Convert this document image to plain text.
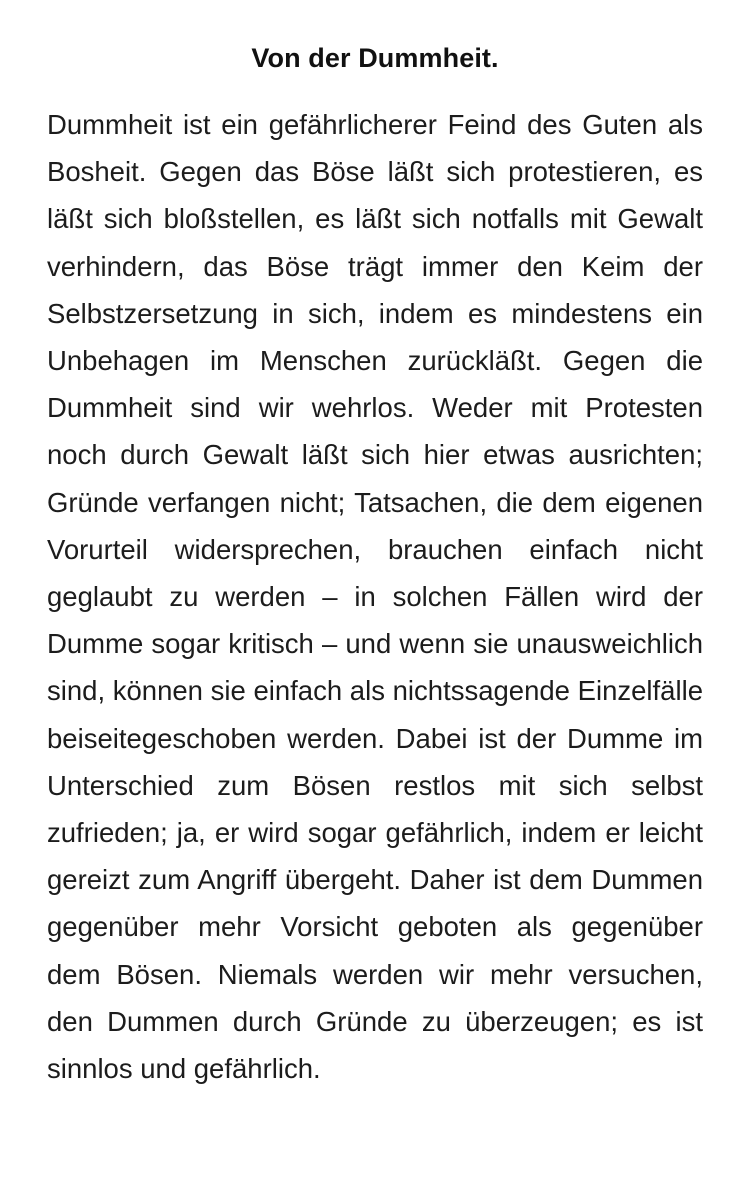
Von der Dummheit.

Dummheit ist ein gefährlicherer Feind des Guten als Bosheit. Gegen das Böse läßt sich protestieren, es läßt sich bloßstellen, es läßt sich notfalls mit Gewalt verhindern, das Böse trägt immer den Keim der Selbstzersetzung in sich, indem es mindestens ein Unbehagen im Menschen zurückläßt. Gegen die Dummheit sind wir wehrlos. Weder mit Protesten noch durch Gewalt läßt sich hier etwas ausrichten; Gründe verfangen nicht; Tatsachen, die dem eigenen Vorurteil widersprechen, brauchen einfach nicht geglaubt zu werden – in solchen Fällen wird der Dumme sogar kritisch – und wenn sie unausweichlich sind, können sie einfach als nichtssagende Einzelfälle beiseitegeschoben werden. Dabei ist der Dumme im Unterschied zum Bösen restlos mit sich selbst zufrieden; ja, er wird sogar gefährlich, indem er leicht gereizt zum Angriff übergeht. Daher ist dem Dummen gegenüber mehr Vorsicht geboten als gegenüber dem Bösen. Niemals werden wir mehr versuchen, den Dummen durch Gründe zu überzeugen; es ist sinnlos und gefährlich.
